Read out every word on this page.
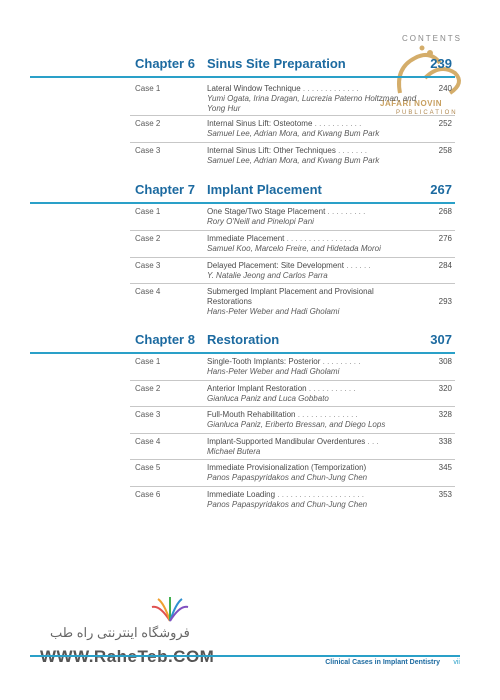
CONTENTS
JAFARI NOVIN
PUBLICATION
Chapter 6 Sinus Site Preparation	239
Case 1	Lateral Window Technique . . . . . . . . . . . . .	240
Yumi Ogata, Irina Dragan, Lucrezia Paterno Holtzman, and Yong Hur
Case 2	Internal Sinus Lift: Osteotome . . . . . . . . . . .	252
Samuel Lee, Adrian Mora, and Kwang Bum Park
Case 3	Internal Sinus Lift: Other Techniques . . . . . . .	258
Samuel Lee, Adrian Mora, and Kwang Bum Park
Chapter 7 Implant Placement	267
Case 1	One Stage/Two Stage Placement . . . . . . . . .	268
Rory O'Neill and Pinelopi Pani
Case 2	Immediate Placement . . . . . . . . . . . . . . .	276
Samuel Koo, Marcelo Freire, and Hidetada Moroi
Case 3	Delayed Placement: Site Development . . . . . .	284
Y. Natalie Jeong and Carlos Parra
Case 4	Submerged Implant Placement and Provisional Restorations	293
Hans-Peter Weber and Hadi Gholami
Chapter 8 Restoration	307
Case 1	Single-Tooth Implants: Posterior . . . . . . . . .	308
Hans-Peter Weber and Hadi Gholami
Case 2	Anterior Implant Restoration . . . . . . . . . . .	320
Gianluca Paniz and Luca Gobbato
Case 3	Full-Mouth Rehabilitation . . . . . . . . . . . . . .	328
Gianluca Paniz, Eriberto Bressan, and Diego Lops
Case 4	Implant-Supported Mandibular Overdentures . . .	338
Michael Butera
Case 5	Immediate Provisionalization (Temporization)	345
Panos Papaspyridakos and Chun-Jung Chen
Case 6	Immediate Loading . . . . . . . . . . . . . . . . . . . .	353
Panos Papaspyridakos and Chun-Jung Chen
فروشگاه اینترنتی راه طب
WWW.RaheTeb.COM	Clinical Cases in Implant Dentistry vii
